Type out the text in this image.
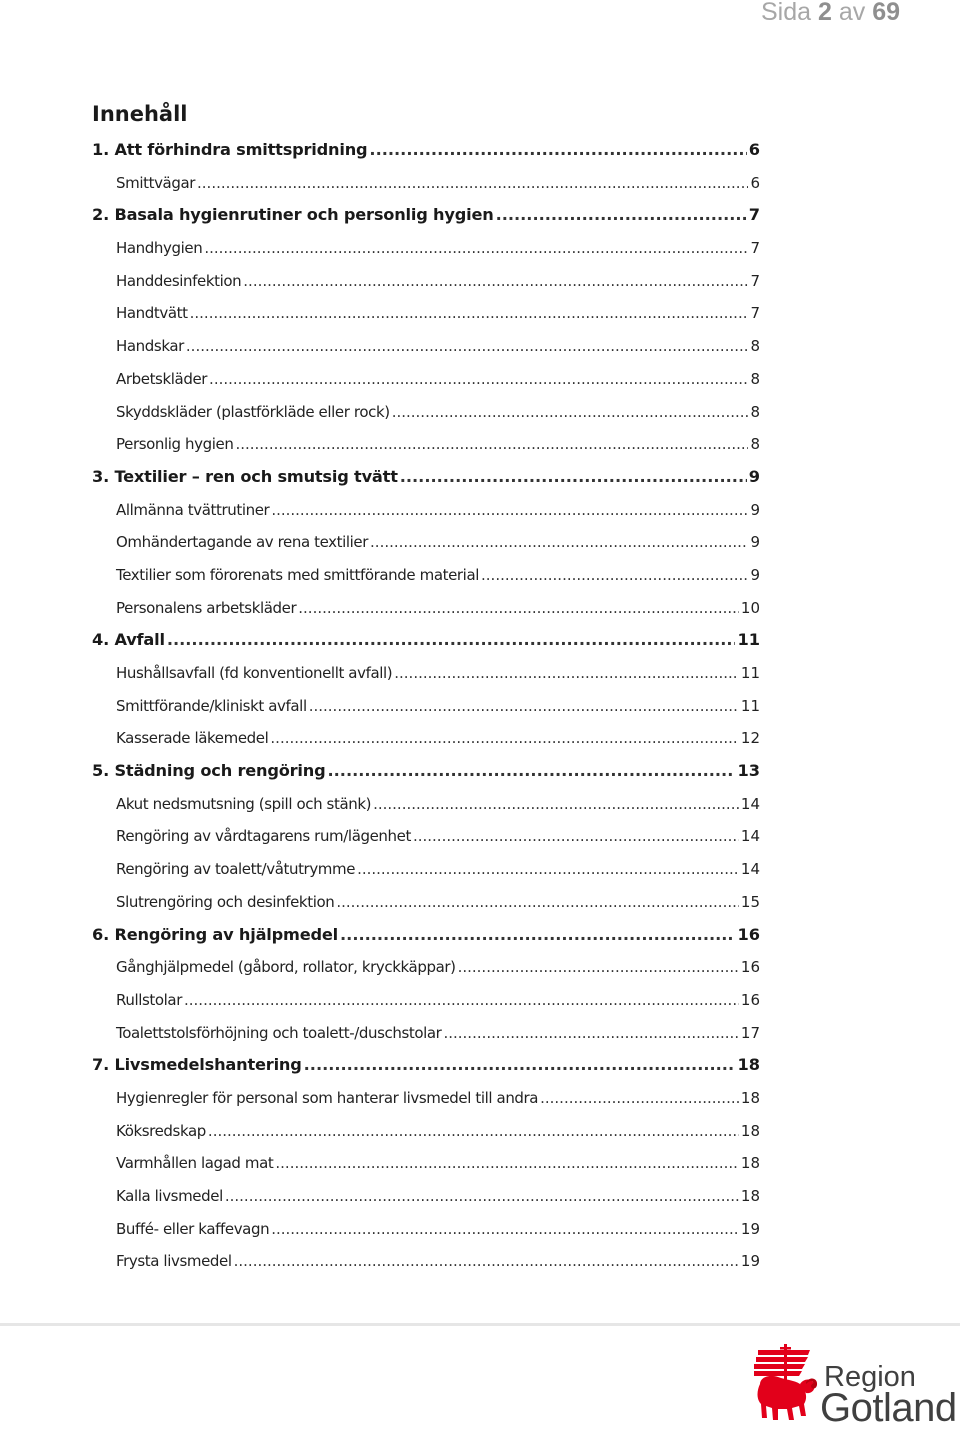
Sida 2 av 69
Innehåll
1. Att förhindra smittspridning .....	6
Smittvägar .....	6
2. Basala hygienrutiner och personlig hygien .....	7
Handhygien .....	7
Handdesinfektion .....	7
Handtvätt .....	7
Handskar .....	8
Arbetskläder .....	8
Skyddskläder (plastförkläde eller rock) .....	8
Personlig hygien .....	8
3. Textilier – ren och smutsig tvätt .....	9
Allmänna tvättrutiner .....	9
Omhändertagande av rena textilier .....	9
Textilier som förorenats med smittförande material .....	9
Personalens arbetskläder .....	10
4. Avfall .....	11
Hushållsavfall (fd konventionellt avfall) .....	11
Smittförande/kliniskt avfall .....	11
Kasserade läkemedel .....	12
5. Städning och rengöring .....	13
Akut nedsmutsning (spill och stänk) .....	14
Rengöring av vårdtagarens rum/lägenhet .....	14
Rengöring av toalett/våtutrymme .....	14
Slutrengöring och desinfektion .....	15
6. Rengöring av hjälpmedel .....	16
Gånghjälpmedel (gåbord, rollator, kryckkäppar) .....	16
Rullstolar .....	16
Toalettstolsförhöjning och toalett-/duschstolar .....	17
7. Livsmedelshantering .....	18
Hygienregler för personal som hanterar livsmedel till andra .....	18
Köksredskap .....	18
Varmhållen lagad mat .....	18
Kalla livsmedel .....	18
Buffé- eller kaffevagn .....	19
Frysta livsmedel .....	19
Region
Gotland
